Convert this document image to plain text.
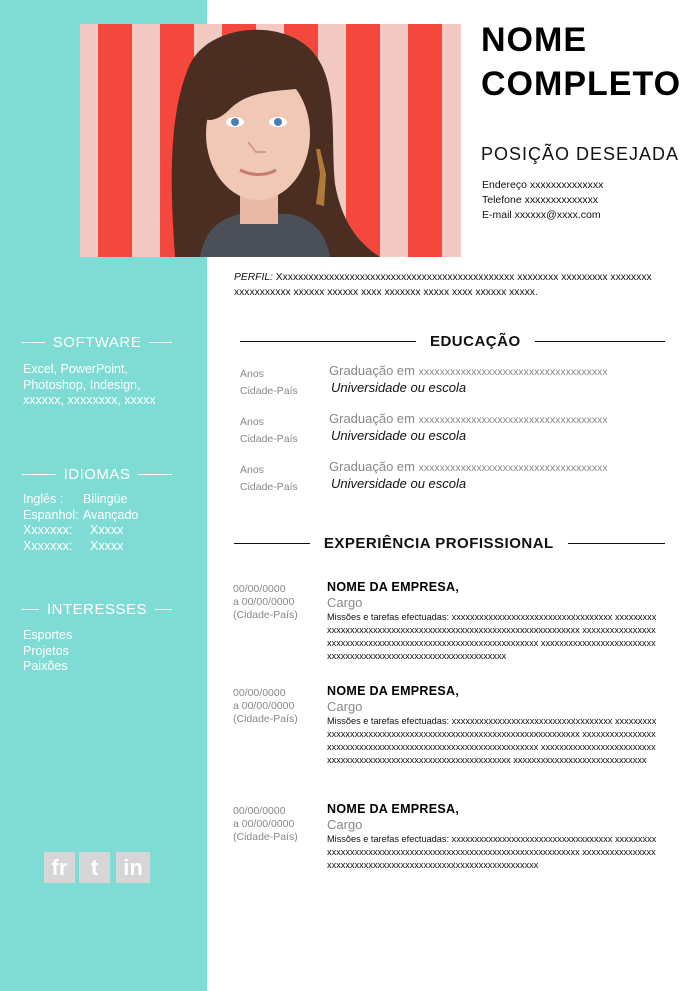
NOME
COMPLETO
POSIÇÃO DESEJADA
Endereço xxxxxxxxxxxxxx
Telefone xxxxxxxxxxxxxx
E-mail xxxxxx@xxxx.com
PERFIL: Xxxxxxxxxxxxxxxxxxxxxxxxxxxxxxxxxxxxxxxxxxxxxx xxxxxxxx xxxxxxxxx xxxxxxxx xxxxxxxxxxx xxxxxx xxxxxx xxxx xxxxxxx xxxxx xxxx xxxxxx xxxxx.
SOFTWARE
Excel, PowerPoint,
Photoshop, Indesign,
xxxxxx, xxxxxxxx, xxxxx
IDIOMAS
Inglês :	Bilingüe
Espanhol: Avançado
Xxxxxxx:	Xxxxx
Xxxxxxx:	Xxxxx
INTERESSES
Esportes
Projetos
Paixões
fr	t	in
EDUCAÇÃO
Anos
Cidade-País
Graduação em xxxxxxxxxxxxxxxxxxxxxxxxxxxxxxxxxxxx
Universidade ou escola
Anos
Cidade-País
Graduação em xxxxxxxxxxxxxxxxxxxxxxxxxxxxxxxxxxxx
Universidade ou escola
Anos
Cidade-País
Graduação em xxxxxxxxxxxxxxxxxxxxxxxxxxxxxxxxxxxx
Universidade ou escola
EXPERIÊNCIA PROFISSIONAL
00/00/0000
a 00/00/0000
(Cidade-País)
NOME DA EMPRESA,
Cargo
Missões e tarefas efectuadas: xxxxxxxxxxxxxxxxxxxxxxxxxxxxxxxxxxx xxxxxxxxxxxxxxxxxxxxxxxxxxxxxxxxxxxxxxxxxxxxxxxxxxxxxxxxxxxxxxxx xxxxxxxxxxxxxxxxxxxxxxxxxxxxxxxxxxxxxxxxxxxxxxxxxxxxxxxxxxxxxx xxxxxxxxxxxxxxxxxxxxxxxxxxxxxxxxxxxxxxxxxxxxxxxxxxxxxxxxxxxxxxxx
00/00/0000
a 00/00/0000
(Cidade-País)
NOME DA EMPRESA,
Cargo
Missões e tarefas efectuadas: xxxxxxxxxxxxxxxxxxxxxxxxxxxxxxxxxxx xxxxxxxxxxxxxxxxxxxxxxxxxxxxxxxxxxxxxxxxxxxxxxxxxxxxxxxxxxxxxxxx xxxxxxxxxxxxxxxxxxxxxxxxxxxxxxxxxxxxxxxxxxxxxxxxxxxxxxxxxxxxxx xxxxxxxxxxxxxxxxxxxxxxxxxxxxxxxxxxxxxxxxxxxxxxxxxxxxxxxxxxxxxxxxx xxxxxxxxxxxxxxxxxxxxxxxxxxxxx
00/00/0000
a 00/00/0000
(Cidade-País)
NOME DA EMPRESA,
Cargo
Missões e tarefas efectuadas: xxxxxxxxxxxxxxxxxxxxxxxxxxxxxxxxxxx xxxxxxxxxxxxxxxxxxxxxxxxxxxxxxxxxxxxxxxxxxxxxxxxxxxxxxxxxxxxxxxx xxxxxxxxxxxxxxxxxxxxxxxxxxxxxxxxxxxxxxxxxxxxxxxxxxxxxxxxxxxxxx
